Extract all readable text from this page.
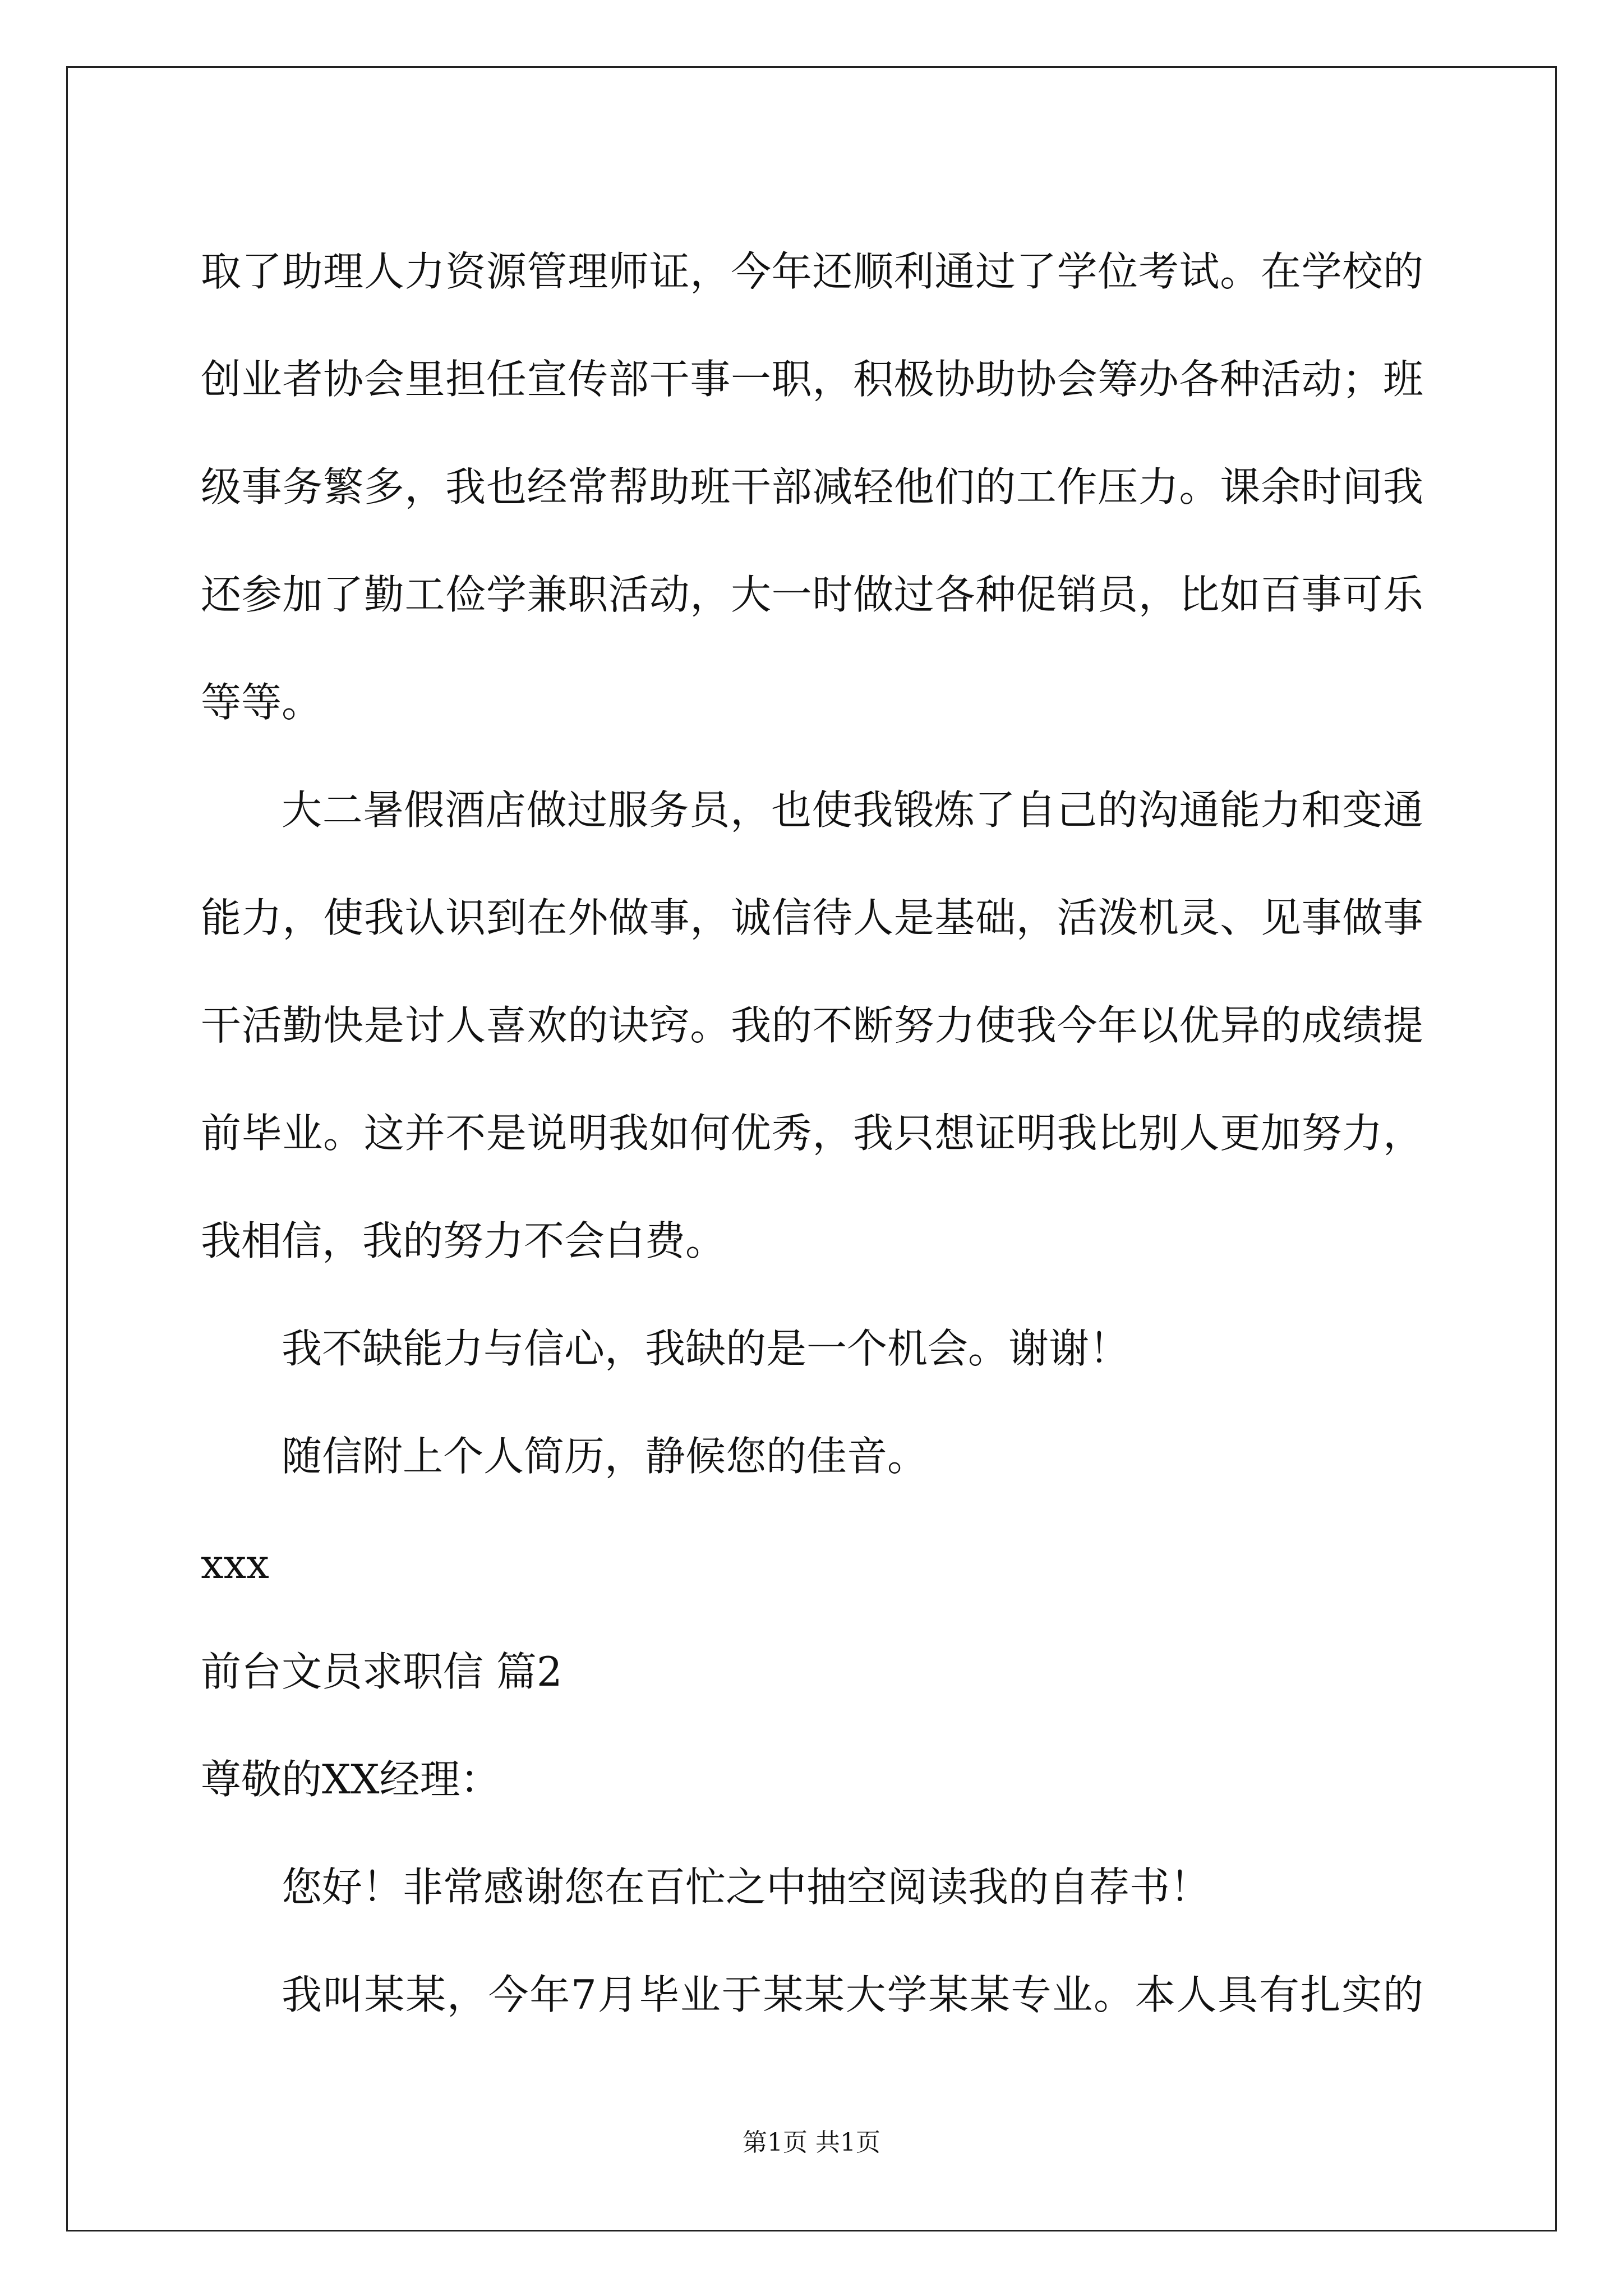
取了助理人力资源管理师证，今年还顺利通过了学位考试。在学校的

创业者协会里担任宣传部干事一职，积极协助协会筹办各种活动；班

级事务繁多，我也经常帮助班干部减轻他们的工作压力。课余时间我

还参加了勤工俭学兼职活动，大一时做过各种促销员，比如百事可乐

等等。

大二暑假酒店做过服务员，也使我锻炼了自己的沟通能力和变通

能力，使我认识到在外做事，诚信待人是基础，活泼机灵、见事做事

干活勤快是讨人喜欢的诀窍。我的不断努力使我今年以优异的成绩提

前毕业。这并不是说明我如何优秀，我只想证明我比别人更加努力，

我相信，我的努力不会白费。

我不缺能力与信心，我缺的是一个机会。谢谢！

随信附上个人简历，静候您的佳音。

xxx

前台文员求职信 篇2

尊敬的XX经理：

您好！非常感谢您在百忙之中抽空阅读我的自荐书！

我叫某某，今年7月毕业于某某大学某某专业。本人具有扎实的

第1页 共1页
